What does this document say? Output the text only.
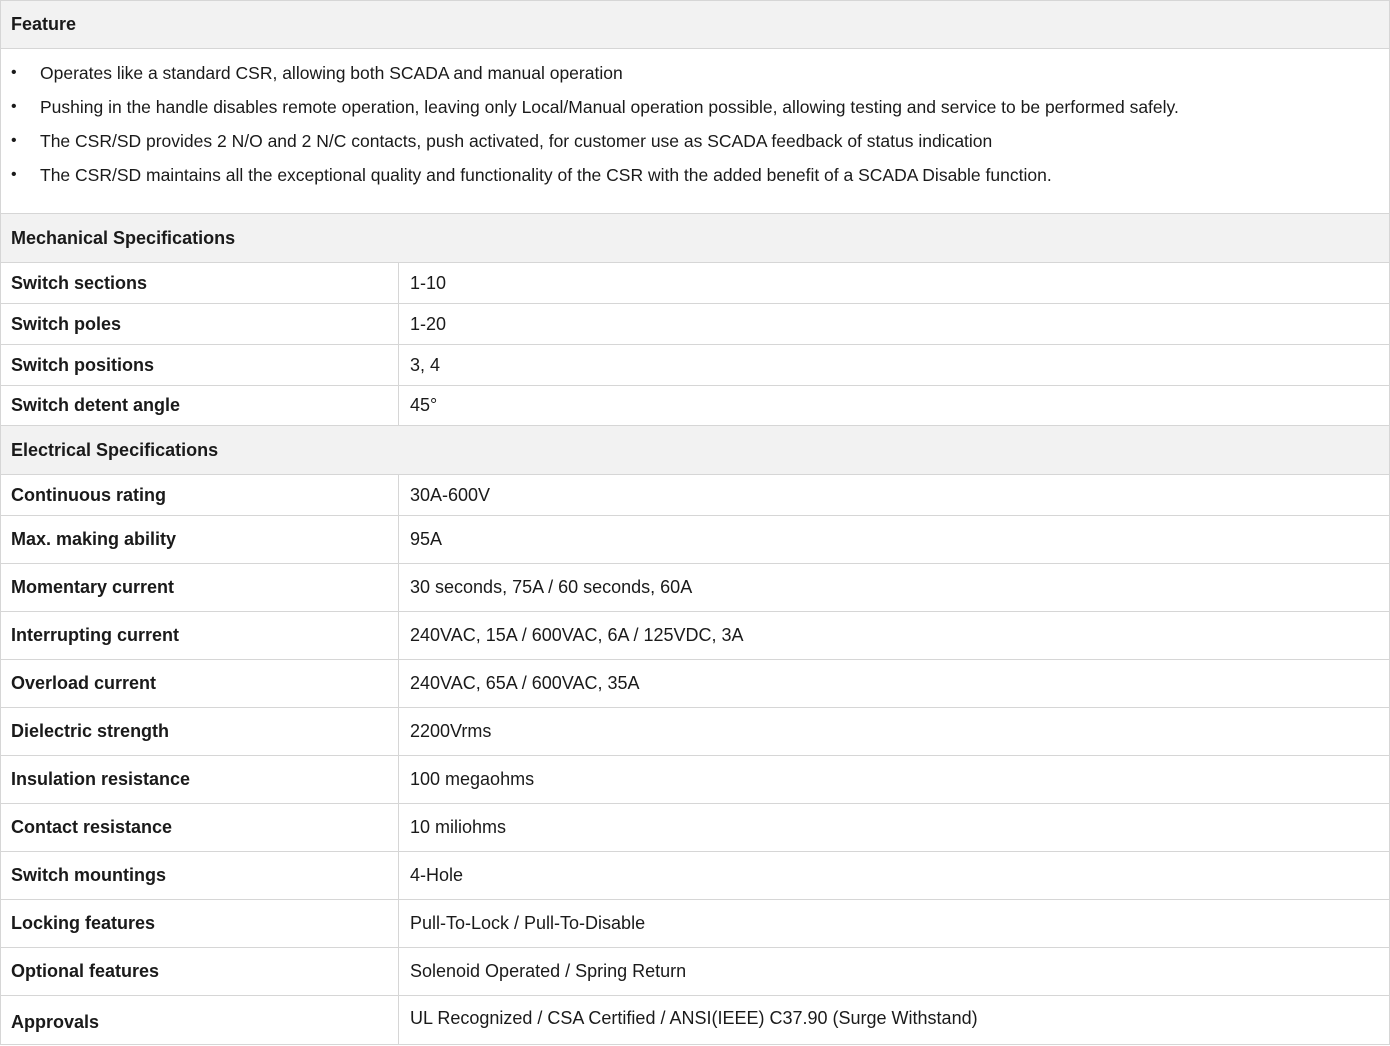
Feature
• Operates like a standard CSR, allowing both SCADA and manual operation
• Pushing in the handle disables remote operation, leaving only Local/Manual operation possible, allowing testing and service to be performed safely.
• The CSR/SD provides 2 N/O and 2 N/C contacts, push activated, for customer use as SCADA feedback of status indication
• The CSR/SD maintains all the exceptional quality and functionality of the CSR with the added benefit of a SCADA Disable function.
Mechanical Specifications
Switch sections	1-10
Switch poles	1-20
Switch positions	3, 4
Switch detent angle	45°
Electrical Specifications
Continuous rating	30A-600V
Max. making ability	95A
Momentary current	30 seconds, 75A / 60 seconds, 60A
Interrupting current	240VAC, 15A / 600VAC, 6A / 125VDC, 3A
Overload current	240VAC, 65A / 600VAC, 35A
Dielectric strength	2200Vrms
Insulation resistance	100 megaohms
Contact resistance	10 miliohms
Switch mountings	4-Hole
Locking features	Pull-To-Lock / Pull-To-Disable
Optional features	Solenoid Operated / Spring Return
Approvals	UL Recognized / CSA Certified / ANSI(IEEE) C37.90 (Surge Withstand)
